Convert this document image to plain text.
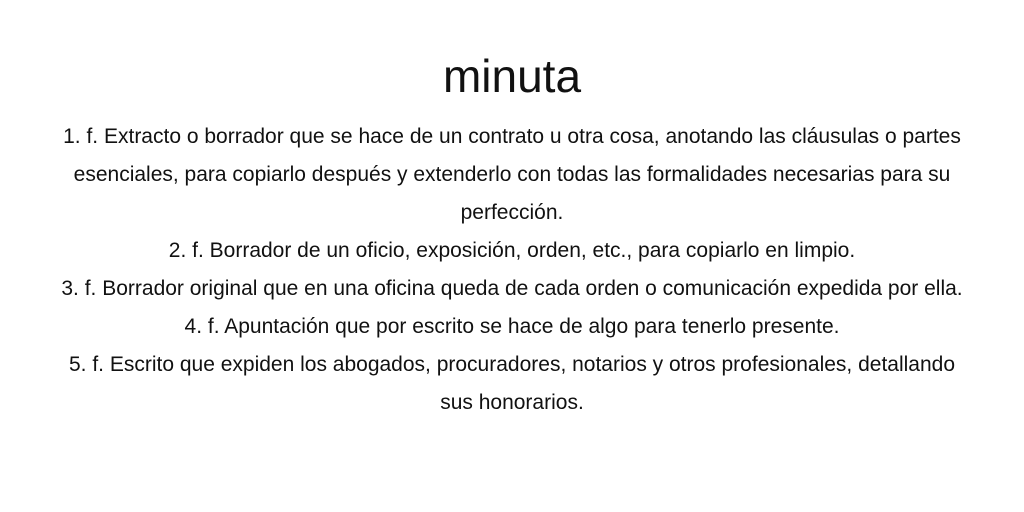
minuta
1. f. Extracto o borrador que se hace de un contrato u otra cosa, anotando las cláusulas o partes esenciales, para copiarlo después y extenderlo con todas las formalidades necesarias para su perfección.
2. f. Borrador de un oficio, exposición, orden, etc., para copiarlo en limpio.
3. f. Borrador original que en una oficina queda de cada orden o comunicación expedida por ella.
4. f. Apuntación que por escrito se hace de algo para tenerlo presente.
5. f. Escrito que expiden los abogados, procuradores, notarios y otros profesionales, detallando sus honorarios.
